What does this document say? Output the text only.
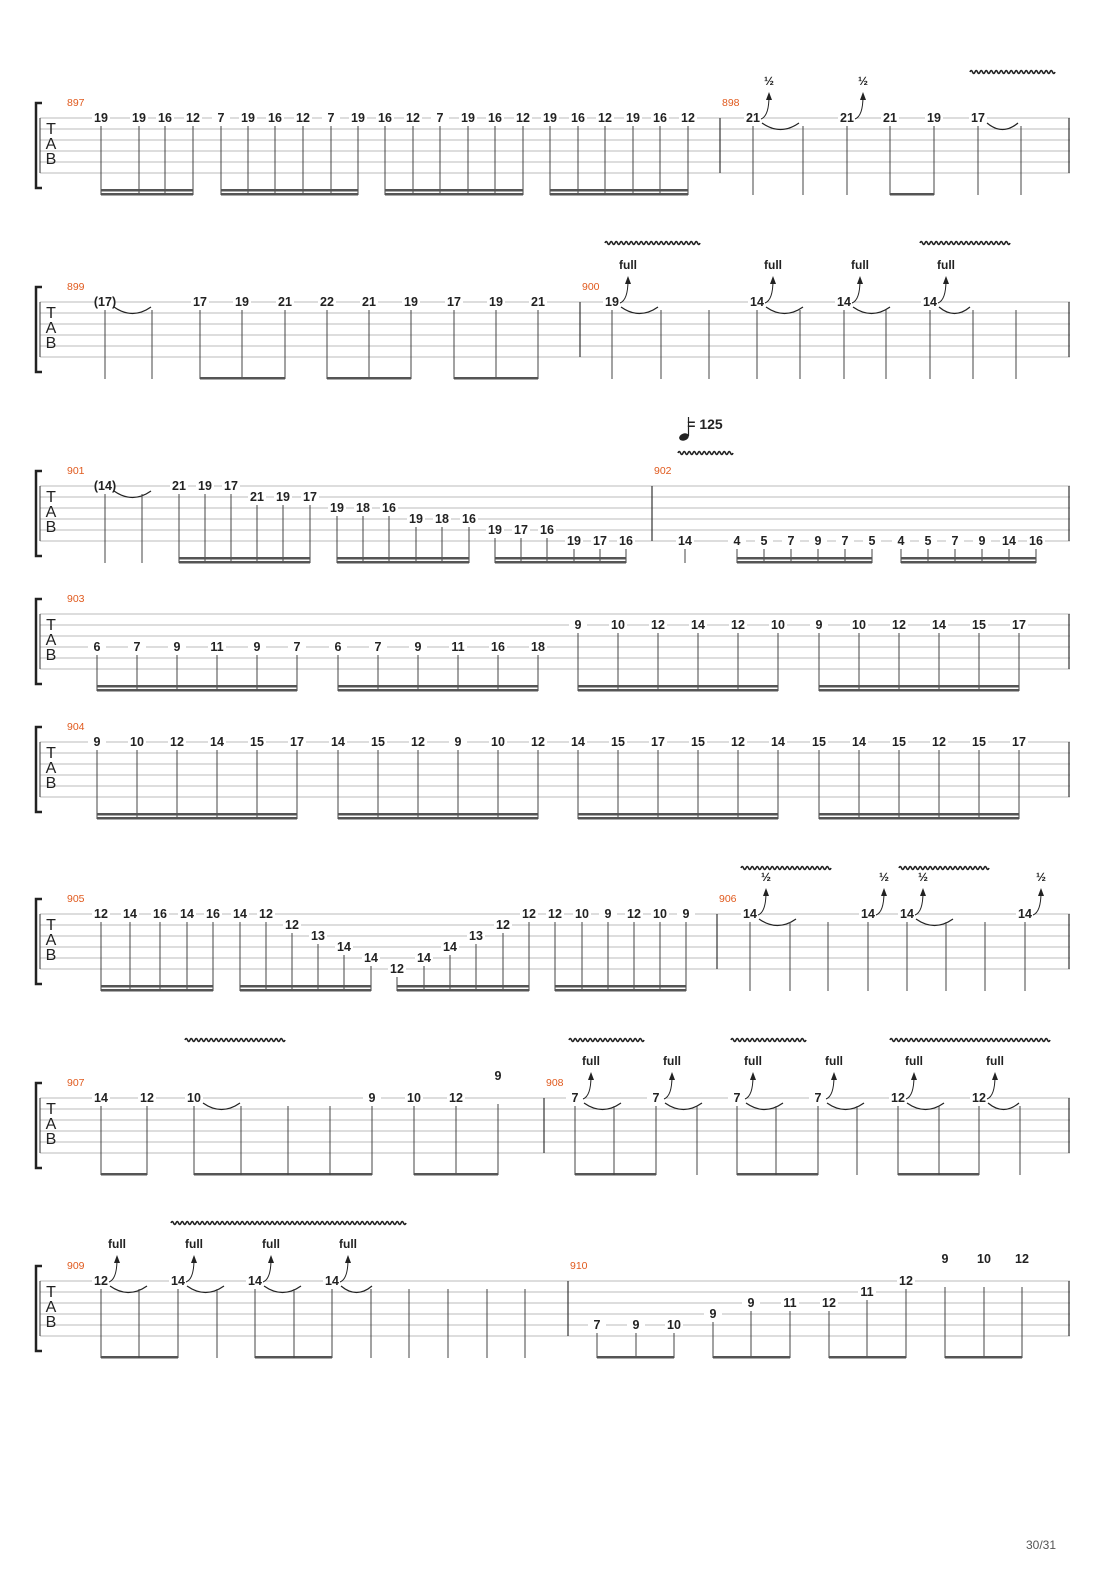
T
A
B
897
19 19 16 12 7 19 16 12 7 19 16 12 7 19 16 12 19 16 12 19 16 12
898
21
½
21
½
21 19 17
T
A
B
899
(17)	17 19 21 22 21 19 17 19 21
900
19
full
14
full
14
full
14
full
T
A
B
= 125
901
(14)	21 19 17
21 19 17
19 18 16
19 18 16
19 17 16
19 17 16
902
14	4 5 7 9 7 5 4 5 7 9 14 16
T
A
B
903
6	7	9 11 9	7	6	7	9 11 16 18
9 10 12 14 12 10 9 10 12 14 15 17
T
A
B
904
9 10 12 14 15 17 14 15 12 9 10 12 14 15 17 15 12 14 15 14 15 12 15 17
T
A
B
905
12 14 16 14 16 14 12
12
13
14
14
12
14
14
13
12
12 12 10 9 12 10 9
906
14
½
14
½
14
½
14
½
T
A
B
907
14	12	10	9	10 12
9	908
7
full
7
full
7
full
7
full
12
full
12
full
T
A
B
909
12
full
14
full
14
full
14
full
910
7	9 10
9
9 11 12
11
12
9 10 12
30/31
